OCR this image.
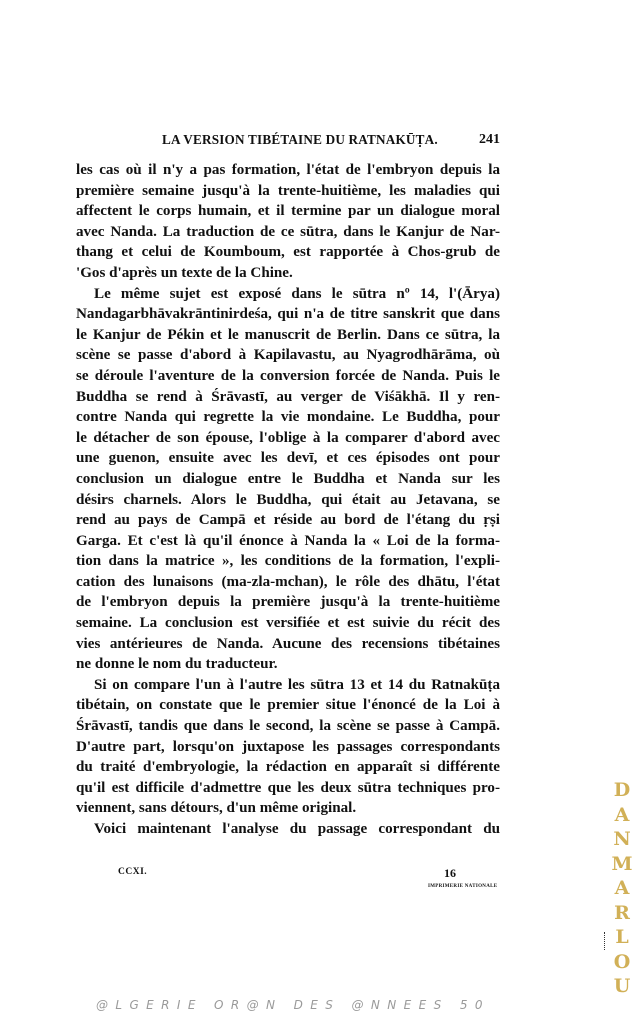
LA VERSION TIBÉTAINE DU RATNAKŪṬA.	241
les cas où il n'y a pas formation, l'état de l'embryon depuis la
première semaine jusqu'à la trente-huitième, les maladies qui
affectent le corps humain, et il termine par un dialogue moral
avec Nanda. La traduction de ce sūtra, dans le Kanjur de Nar-
thang et celui de Koumboum, est rapportée à Chos-grub de
'Gos d'après un texte de la Chine.
Le même sujet est exposé dans le sūtra nº 14, l'(Ārya)
Nandagarbhāvakrāntinirdeśa, qui n'a de titre sanskrit que dans
le Kanjur de Pékin et le manuscrit de Berlin. Dans ce sūtra, la
scène se passe d'abord à Kapilavastu, au Nyagrodhārāma, où
se déroule l'aventure de la conversion forcée de Nanda. Puis le
Buddha se rend à Śrāvastī, au verger de Viśākhā. Il y ren-
contre Nanda qui regrette la vie mondaine. Le Buddha, pour
le détacher de son épouse, l'oblige à la comparer d'abord avec
une guenon, ensuite avec les devī, et ces épisodes ont pour
conclusion un dialogue entre le Buddha et Nanda sur les
désirs charnels. Alors le Buddha, qui était au Jetavana, se
rend au pays de Campā et réside au bord de l'étang du ṛṣi
Garga. Et c'est là qu'il énonce à Nanda la « Loi de la forma-
tion dans la matrice », les conditions de la formation, l'expli-
cation des lunaisons (ma-zla-mchan), le rôle des dhātu, l'état
de l'embryon depuis la première jusqu'à la trente-huitième
semaine. La conclusion est versifiée et est suivie du récit des
vies antérieures de Nanda. Aucune des recensions tibétaines
ne donne le nom du traducteur.
Si on compare l'un à l'autre les sūtra 13 et 14 du Ratnakūṭa
tibétain, on constate que le premier situe l'énoncé de la Loi à
Śrāvastī, tandis que dans le second, la scène se passe à Campā.
D'autre part, lorsqu'on juxtapose les passages correspondants
du traité d'embryologie, la rédaction en apparaît si différente
qu'il est difficile d'admettre que les deux sūtra techniques pro-
viennent, sans détours, d'un même original.
Voici maintenant l'analyse du passage correspondant du
CCXI.	16
IMPRIMERIE NATIONALE
D
A
N
M
A
R
L
O
U
@LGERIE OR@N DES @NNEES 50
